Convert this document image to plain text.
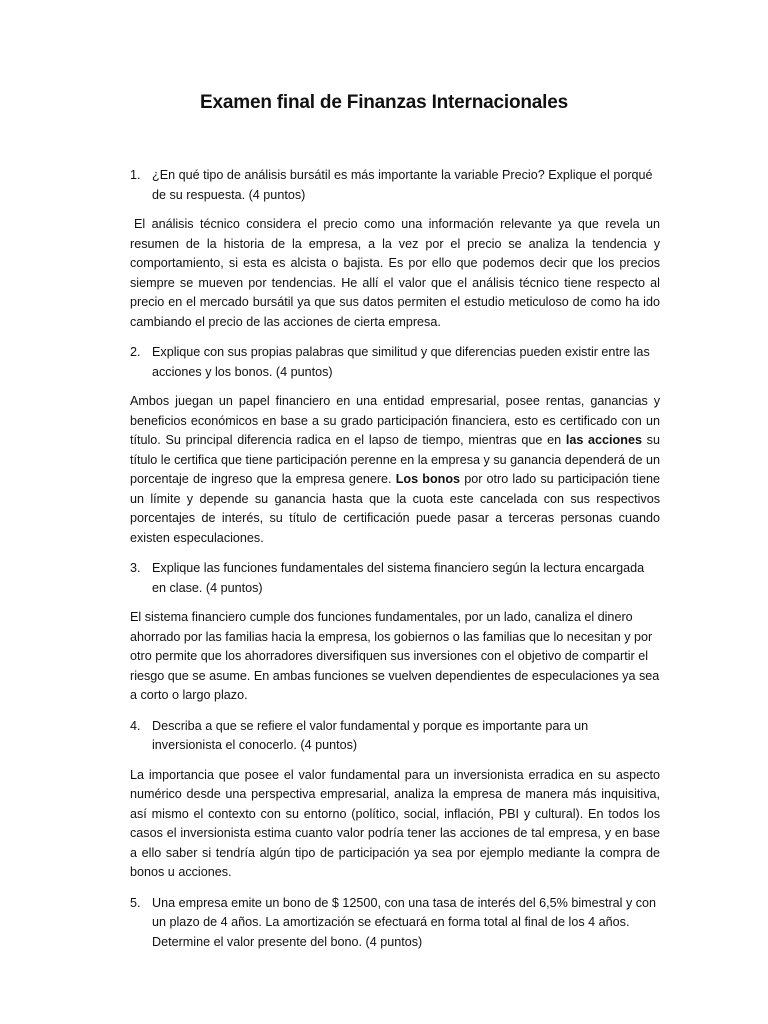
Examen final de Finanzas Internacionales
1. ¿En qué tipo de análisis bursátil es más importante la variable Precio? Explique el porqué de su respuesta. (4 puntos)

El análisis técnico considera el precio como una información relevante ya que revela un resumen de la historia de la empresa, a la vez por el precio se analiza la tendencia y comportamiento, si esta es alcista o bajista. Es por ello que podemos decir que los precios siempre se mueven por tendencias. He allí el valor que el análisis técnico tiene respecto al precio en el mercado bursátil ya que sus datos permiten el estudio meticuloso de como ha ido cambiando el precio de las acciones de cierta empresa.

2. Explique con sus propias palabras que similitud y que diferencias pueden existir entre las acciones y los bonos. (4 puntos)

Ambos juegan un papel financiero en una entidad empresarial, posee rentas, ganancias y beneficios económicos en base a su grado participación financiera, esto es certificado con un título. Su principal diferencia radica en el lapso de tiempo, mientras que en las acciones su título le certifica que tiene participación perenne en la empresa y su ganancia dependerá de un porcentaje de ingreso que la empresa genere. Los bonos por otro lado su participación tiene un límite y depende su ganancia hasta que la cuota este cancelada con sus respectivos porcentajes de interés, su título de certificación puede pasar a terceras personas cuando existen especulaciones.

3. Explique las funciones fundamentales del sistema financiero según la lectura encargada en clase. (4 puntos)

El sistema financiero cumple dos funciones fundamentales, por un lado, canaliza el dinero ahorrado por las familias hacia la empresa, los gobiernos o las familias que lo necesitan y por otro permite que los ahorradores diversifiquen sus inversiones con el objetivo de compartir el riesgo que se asume. En ambas funciones se vuelven dependientes de especulaciones ya sea a corto o largo plazo.

4. Describa a que se refiere el valor fundamental y porque es importante para un inversionista el conocerlo. (4 puntos)

La importancia que posee el valor fundamental para un inversionista erradica en su aspecto numérico desde una perspectiva empresarial, analiza la empresa de manera más inquisitiva, así mismo el contexto con su entorno (político, social, inflación, PBI y cultural). En todos los casos el inversionista estima cuanto valor podría tener las acciones de tal empresa, y en base a ello saber si tendría algún tipo de participación ya sea por ejemplo mediante la compra de bonos u acciones.

5. Una empresa emite un bono de $ 12500, con una tasa de interés del 6,5% bimestral y con un plazo de 4 años. La amortización se efectuará en forma total al final de los 4 años. Determine el valor presente del bono. (4 puntos)
